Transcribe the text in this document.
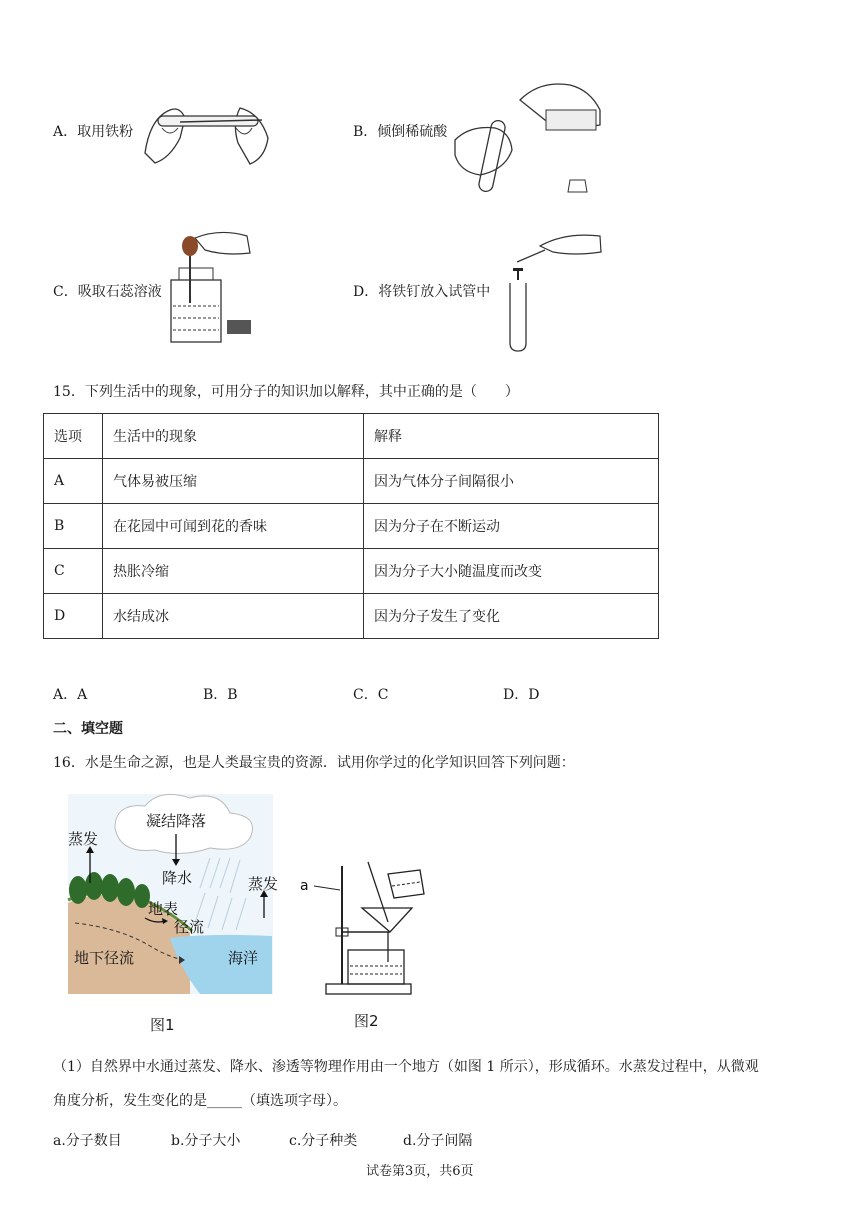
A．取用铁粉	B．倾倒稀硫酸
C．吸取石蕊溶液	D．将铁钉放入试管中
15．下列生活中的现象，可用分子的知识加以解释，其中正确的是（　　）
选项	生活中的现象	解释
A	气体易被压缩	因为气体分子间隔很小
B	在花园中可闻到花的香味	因为分子在不断运动
C	热胀冷缩	因为分子大小随温度而改变
D	水结成冰	因为分子发生了变化
A．A	B．B	C．C	D．D
二、填空题
16．水是生命之源，也是人类最宝贵的资源．试用你学过的化学知识回答下列问题：
蒸发
凝结降落
降水	蒸发
地表
径流
地下径流	海洋
图1
a
图2
（1）自然界中水通过蒸发、降水、渗透等物理作用由一个地方（如图 1 所示），形成循环。水蒸发过程中，从微观
角度分析，发生变化的是_____（填选项字母）。
a.分子数目	b.分子大小	c.分子种类	d.分子间隔
试卷第3页，共6页
